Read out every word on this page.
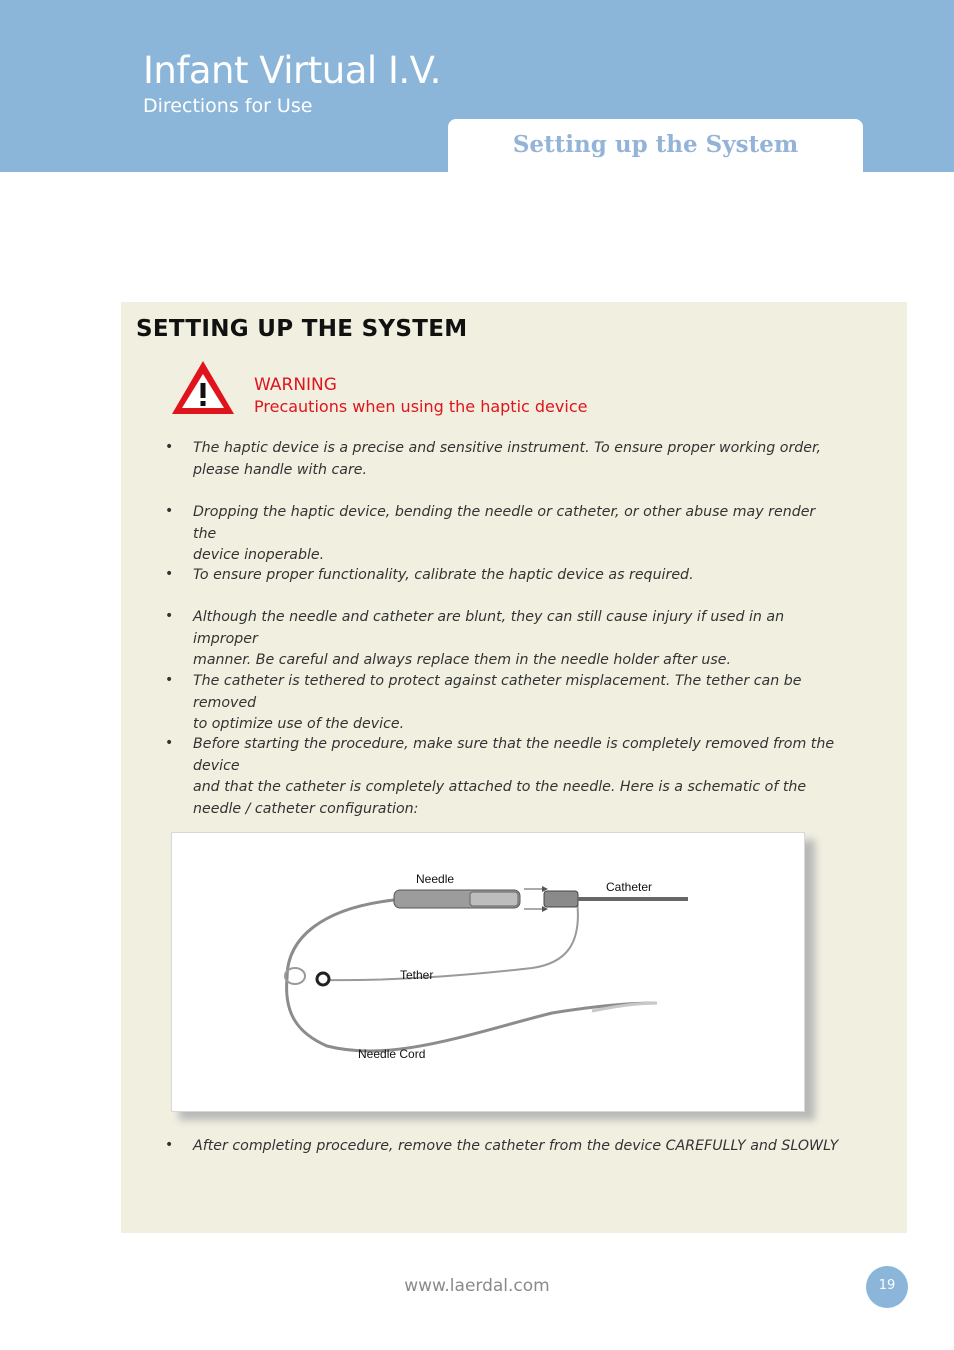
Infant Virtual I.V.
Directions for Use
Setting up the System
SETTING UP THE SYSTEM
WARNING
Precautions when using the haptic device
• The haptic device is a precise and sensitive instrument. To ensure proper working order,
please handle with care.
• Dropping the haptic device, bending the needle or catheter, or other abuse may render the
device inoperable.
• To ensure proper functionality, calibrate the haptic device as required.
• Although the needle and catheter are blunt, they can still cause injury if used in an improper
manner. Be careful and always replace them in the needle holder after use.
• The catheter is tethered to protect against catheter misplacement. The tether can be removed
to optimize use of the device.
• Before starting the procedure, make sure that the needle is completely removed from the device
and that the catheter is completely attached to the needle. Here is a schematic of the
needle / catheter configuration:
Needle
Catheter
Tether
Needle Cord
• After completing procedure, remove the catheter from the device CAREFULLY and SLOWLY
www.laerdal.com	19
